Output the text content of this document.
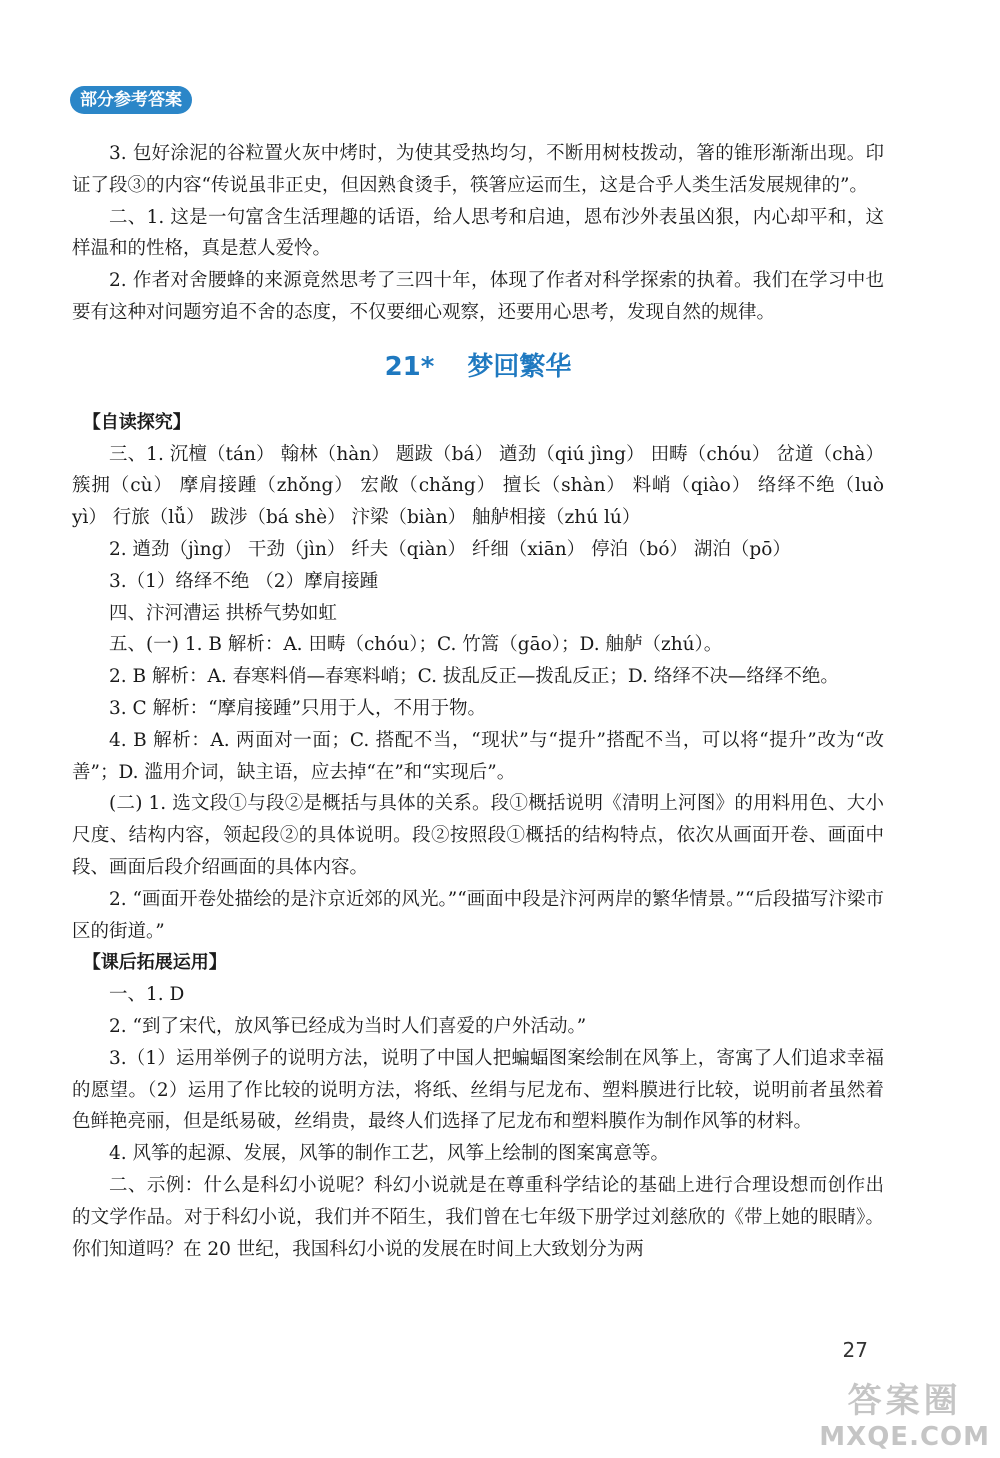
部分参考答案

3. 包好涂泥的谷粒置火灰中烤时，为使其受热均匀，不断用树枝拨动，箸的锥形渐渐出现。印证了段③的内容“传说虽非正史，但因熟食烫手，筷箸应运而生，这是合乎人类生活发展规律的”。

二、1. 这是一句富含生活理趣的话语，给人思考和启迪，恩布沙外表虽凶狠，内心却平和，这样温和的性格，真是惹人爱怜。

2. 作者对舍腰蜂的来源竟然思考了三四十年，体现了作者对科学探索的执着。我们在学习中也要有这种对问题穷追不舍的态度，不仅要细心观察，还要用心思考，发现自然的规律。

21* 梦回繁华

【自读探究】

三、1. 沉檀（tán） 翰林（hàn） 题跋（bá） 遒劲（qiú jìng） 田畴（chóu） 岔道（chà） 簇拥（cù） 摩肩接踵（zhǒng） 宏敞（chǎng） 擅长（shàn） 料峭（qiào） 络绎不绝（luò yì） 行旅（lǚ） 跋涉（bá shè） 汴梁（biàn） 舳舻相接（zhú lú）

2. 遒劲（jìng） 干劲（jìn） 纤夫（qiàn） 纤细（xiān） 停泊（bó） 湖泊（pō）

3.（1）络绎不绝 （2）摩肩接踵

四、汴河漕运 拱桥气势如虹

五、(一) 1. B 解析：A. 田畴（chóu）；C. 竹篙（gāo）；D. 舳舻（zhú）。

2. B 解析：A. 春寒料俏—春寒料峭；C. 拔乱反正—拨乱反正；D. 络绎不决—络绎不绝。

3. C 解析：“摩肩接踵”只用于人，不用于物。

4. B 解析：A. 两面对一面；C. 搭配不当，“现状”与“提升”搭配不当，可以将“提升”改为“改善”；D. 滥用介词，缺主语，应去掉“在”和“实现后”。

(二) 1. 选文段①与段②是概括与具体的关系。段①概括说明《清明上河图》的用料用色、大小尺度、结构内容，领起段②的具体说明。段②按照段①概括的结构特点，依次从画面开卷、画面中段、画面后段介绍画面的具体内容。

2. “画面开卷处描绘的是汴京近郊的风光。”“画面中段是汴河两岸的繁华情景。”“后段描写汴梁市区的街道。”

【课后拓展运用】

一、1. D

2. “到了宋代，放风筝已经成为当时人们喜爱的户外活动。”

3.（1）运用举例子的说明方法，说明了中国人把蝙蝠图案绘制在风筝上，寄寓了人们追求幸福的愿望。（2）运用了作比较的说明方法，将纸、丝绢与尼龙布、塑料膜进行比较，说明前者虽然着色鲜艳亮丽，但是纸易破，丝绢贵，最终人们选择了尼龙布和塑料膜作为制作风筝的材料。

4. 风筝的起源、发展，风筝的制作工艺，风筝上绘制的图案寓意等。

二、示例：什么是科幻小说呢？科幻小说就是在尊重科学结论的基础上进行合理设想而创作出的文学作品。对于科幻小说，我们并不陌生，我们曾在七年级下册学过刘慈欣的《带上她的眼睛》。你们知道吗？在 20 世纪，我国科幻小说的发展在时间上大致划分为两

27
答案圈
MXQE.COM
